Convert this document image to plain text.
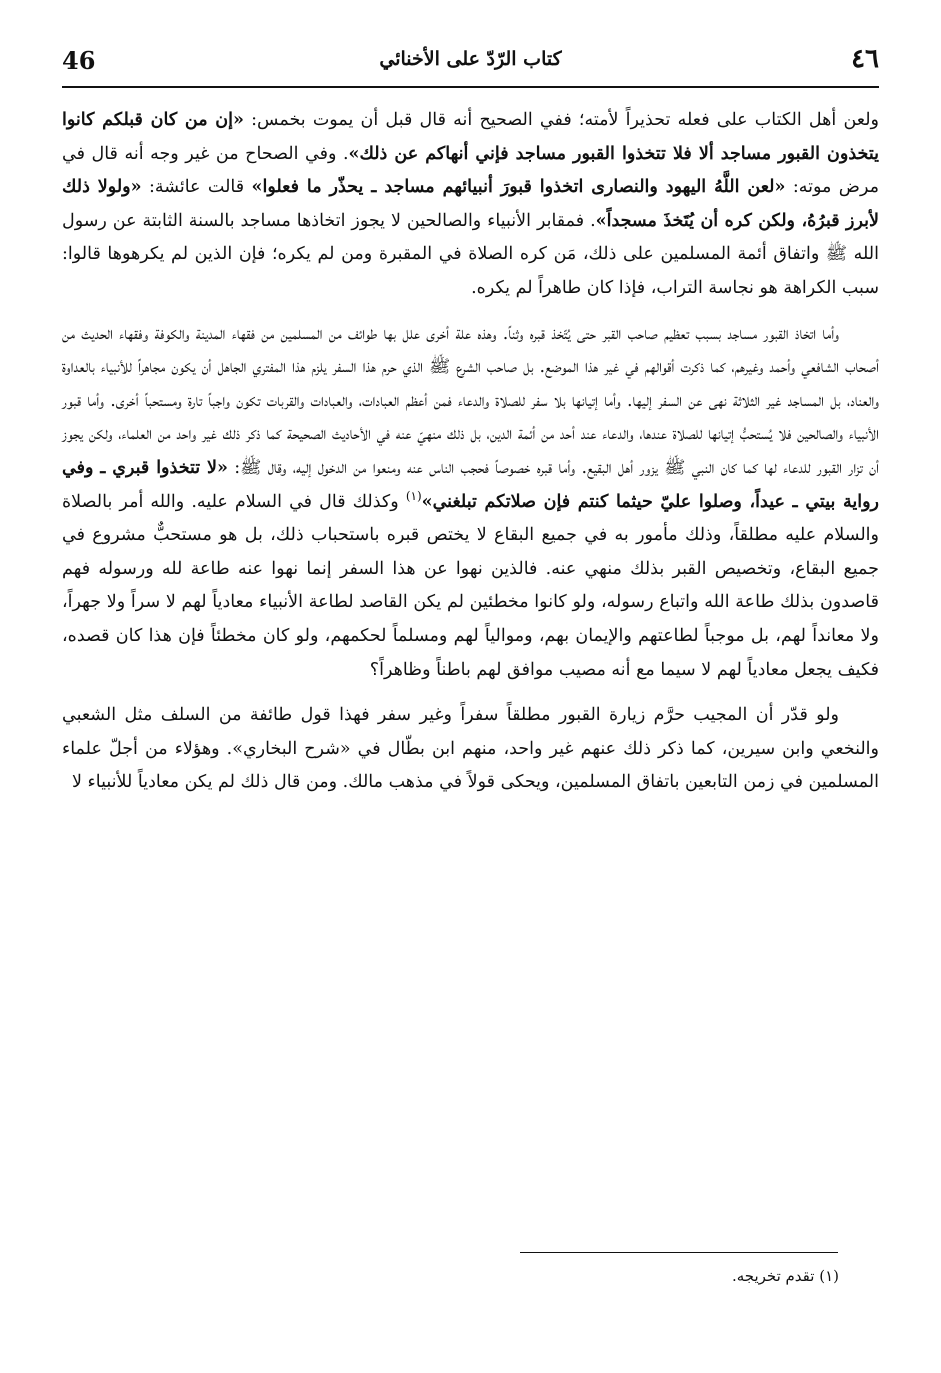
46	كتاب الرّدّ على الأخنائي	٤٦

ولعن أهل الكتاب على فعله تحذيراً لأمته؛ ففي الصحيح أنه قال قبل أن يموت بخمس: «إن من كان قبلكم كانوا يتخذون القبور مساجد ألا فلا تتخذوا القبور مساجد فإني أنهاكم عن ذلك». وفي الصحاح من غير وجه أنه قال في مرض موته: «لعن اللَّهُ اليهود والنصارى اتخذوا قبورَ أنبيائهم مساجد ـ يحذّر ما فعلوا» قالت عائشة: «ولولا ذلك لأبرز قبرُهُ، ولكن كره أن يُتَخذَ مسجداً». فمقابر الأنبياء والصالحين لا يجوز اتخاذها مساجد بالسنة الثابتة عن رسول الله ﷺ واتفاق أئمة المسلمين على ذلك، مَن كره الصلاة في المقبرة ومن لم يكره؛ فإن الذين لم يكرهوها قالوا: سبب الكراهة هو نجاسة التراب، فإذا كان طاهراً لم يكره.

وأما اتخاذ القبور مساجد بسبب تعظيم صاحب القبر حتى يُتّخذ قبره وثناً. وهذه علة أخرى علل بها طوائف من المسلمين من فقهاء المدينة والكوفة وفقهاء الحديث من أصحاب الشافعي وأحمد وغيرهم، كما ذكرت أقوالهم في غير هذا الموضع. بل صاحب الشرع ﷺ الذي حرم هذا السفر يلزم هذا المفتري الجاهل أن يكون مجاهراً للأنبياء بالعداوة والعناد، بل المساجد غير الثلاثة نهى عن السفر إليها. وأما إتيانها بلا سفر للصلاة والدعاء فمن أعظم العبادات، والعبادات والقربات تكون واجباً تارة ومستحباً أخرى. وأما قبور الأنبياء والصالحين فلا يُستحبُّ إتيانها للصلاة عندها، والدعاء عند أحد من أئمة الدين، بل ذلك منهيّ عنه في الأحاديث الصحيحة كما ذكر ذلك غير واحد من العلماء، ولكن يجوز أن تزار القبور للدعاء لها كما كان النبي ﷺ يزور أهل البقيع. وأما قبره خصوصاً فحجب الناس عنه ومنعوا من الدخول إليه، وقال ﷺ: «لا تتخذوا قبري ـ وفي رواية بيتي ـ عيداً، وصلوا عليّ حيثما كنتم فإن صلاتكم تبلغني»$^{(١)}$ وكذلك قال في السلام عليه. والله أمر بالصلاة والسلام عليه مطلقاً، وذلك مأمور به في جميع البقاع لا يختص قبره باستحباب ذلك، بل هو مستحبٌّ مشروع في جميع البقاع، وتخصيص القبر بذلك منهي عنه. فالذين نهوا عن هذا السفر إنما نهوا عنه طاعة لله ورسوله فهم قاصدون بذلك طاعة الله واتباع رسوله، ولو كانوا مخطئين لم يكن القاصد لطاعة الأنبياء معادياً لهم لا سراً ولا جهراً، ولا معانداً لهم، بل موجباً لطاعتهم والإيمان بهم، وموالياً لهم ومسلماً لحكمهم، ولو كان مخطئاً فإن هذا كان قصده، فكيف يجعل معادياً لهم لا سيما مع أنه مصيب موافق لهم باطناً وظاهراً؟

ولو قدّر أن المجيب حرَّم زيارة القبور مطلقاً سفراً وغير سفر فهذا قول طائفة من السلف مثل الشعبي والنخعي وابن سيرين، كما ذكر ذلك عنهم غير واحد، منهم ابن بطّال في «شرح البخاري». وهؤلاء من أجلّ علماء المسلمين في زمن التابعين باتفاق المسلمين، ويحكى قولاً في مذهب مالك. ومن قال ذلك لم يكن معادياً للأنبياء لا

(١) تقدم تخريجه.
